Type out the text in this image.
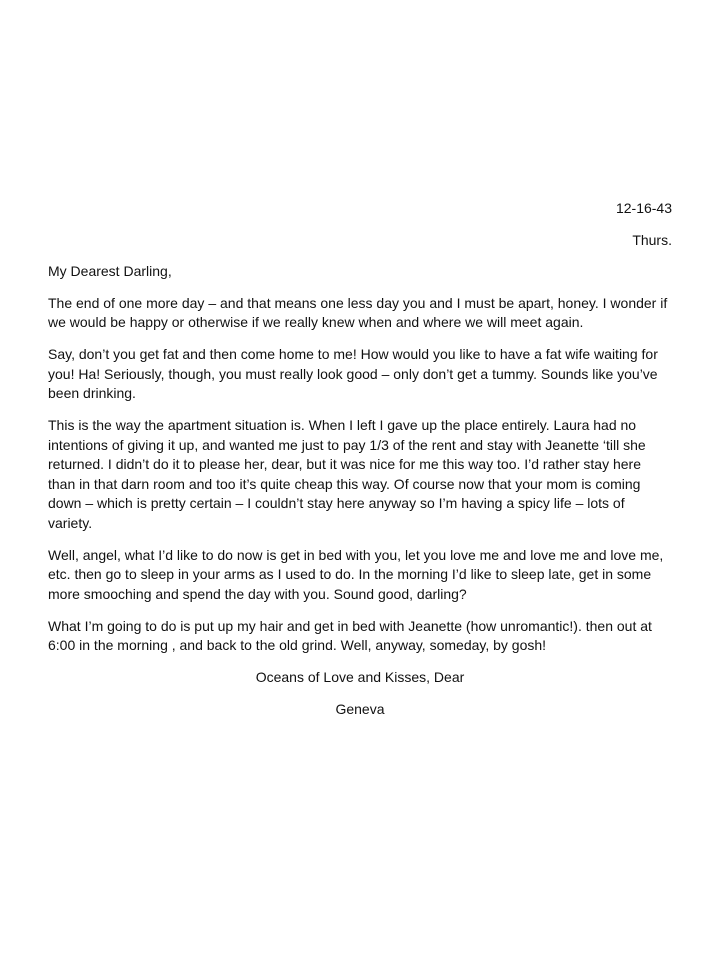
12-16-43
Thurs.
My Dearest Darling,
The end of one more day – and that means one less day you and I must be apart, honey. I wonder if we would be happy or otherwise if we really knew when and where we will meet again.
Say, don’t you get fat and then come home to me! How would you like to have a fat wife waiting for you! Ha! Seriously, though, you must really look good – only don’t get a tummy. Sounds like you’ve been drinking.
This is the way the apartment situation is. When I left I gave up the place entirely. Laura had no intentions of giving it up, and wanted me just to pay 1/3 of the rent and stay with Jeanette ‘till she returned. I didn’t do it to please her, dear, but it was nice for me this way too. I’d rather stay here than in that darn room and too it’s quite cheap this way. Of course now that your mom is coming down – which is pretty certain – I couldn’t stay here anyway so I’m having a spicy life – lots of variety.
Well, angel, what I’d like to do now is get in bed with you, let you love me and love me and love me, etc. then go to sleep in your arms as I used to do. In the morning I’d like to sleep late, get in some more smooching and spend the day with you. Sound good, darling?
What I’m going to do is put up my hair and get in bed with Jeanette (how unromantic!). then out at 6:00 in the morning , and back to the old grind. Well, anyway, someday, by gosh!
Oceans of Love and Kisses, Dear
Geneva
